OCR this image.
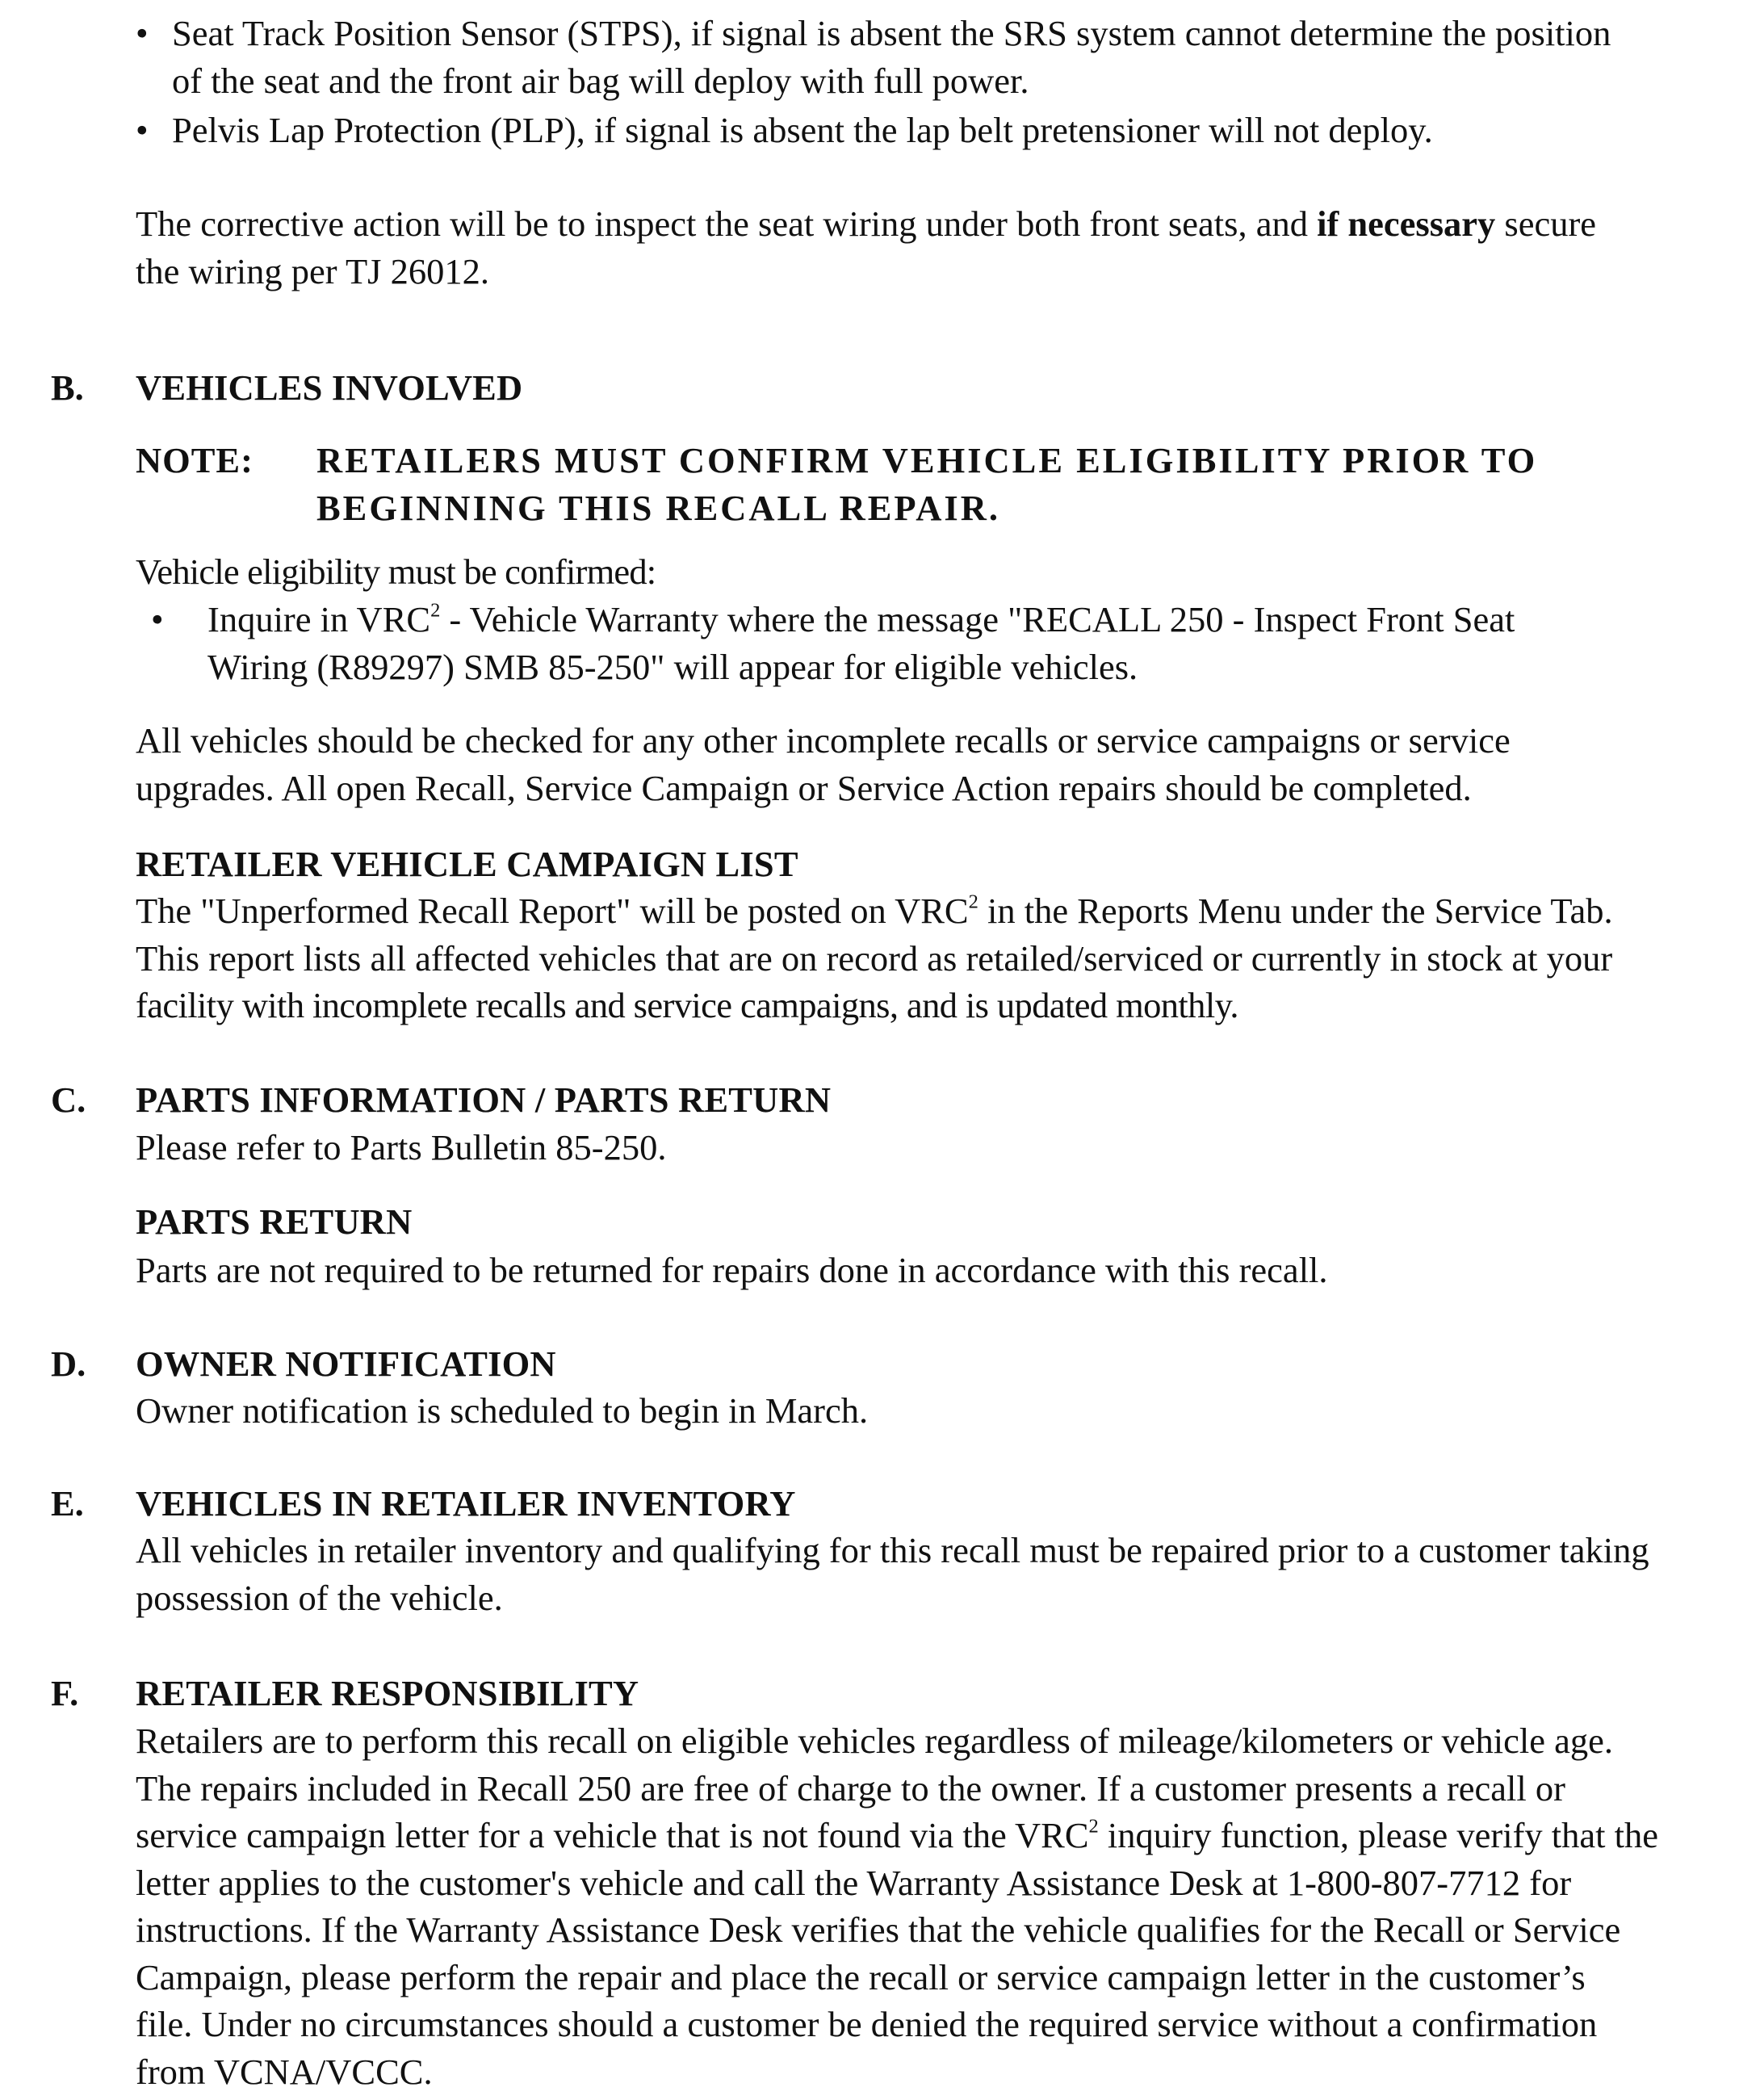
• Seat Track Position Sensor (STPS), if signal is absent the SRS system cannot determine the position
of the seat and the front air bag will deploy with full power.
• Pelvis Lap Protection (PLP), if signal is absent the lap belt pretensioner will not deploy.
The corrective action will be to inspect the seat wiring under both front seats, and if necessary secure
the wiring per TJ 26012.
B. VEHICLES INVOLVED
NOTE: RETAILERS MUST CONFIRM VEHICLE ELIGIBILITY PRIOR TO
BEGINNING THIS RECALL REPAIR.
Vehicle eligibility must be confirmed:
• Inquire in VRC$^2$ - Vehicle Warranty where the message "RECALL 250 - Inspect Front Seat
Wiring (R89297) SMB 85-250" will appear for eligible vehicles.
All vehicles should be checked for any other incomplete recalls or service campaigns or service
upgrades. All open Recall, Service Campaign or Service Action repairs should be completed.
RETAILER VEHICLE CAMPAIGN LIST
The "Unperformed Recall Report" will be posted on VRC$^2$ in the Reports Menu under the Service Tab.
This report lists all affected vehicles that are on record as retailed/serviced or currently in stock at your
facility with incomplete recalls and service campaigns, and is updated monthly.
C. PARTS INFORMATION / PARTS RETURN
Please refer to Parts Bulletin 85-250.
PARTS RETURN
Parts are not required to be returned for repairs done in accordance with this recall.
D. OWNER NOTIFICATION
Owner notification is scheduled to begin in March.
E. VEHICLES IN RETAILER INVENTORY
All vehicles in retailer inventory and qualifying for this recall must be repaired prior to a customer taking
possession of the vehicle.
F. RETAILER RESPONSIBILITY
Retailers are to perform this recall on eligible vehicles regardless of mileage/kilometers or vehicle age.
The repairs included in Recall 250 are free of charge to the owner. If a customer presents a recall or
service campaign letter for a vehicle that is not found via the VRC$^2$ inquiry function, please verify that the
letter applies to the customer's vehicle and call the Warranty Assistance Desk at 1-800-807-7712 for
instructions. If the Warranty Assistance Desk verifies that the vehicle qualifies for the Recall or Service
Campaign, please perform the repair and place the recall or service campaign letter in the customer’s
file. Under no circumstances should a customer be denied the required service without a confirmation
from VCNA/VCCC.
